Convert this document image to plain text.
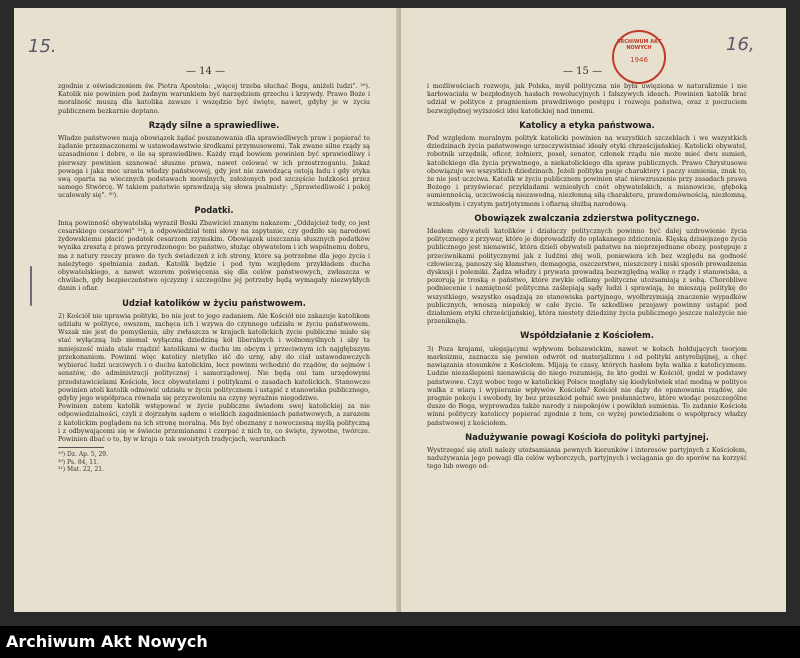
15.
— 14 —

zgodnie z oświadczeniem św. Piotra Apostoła: „więcej trzeba słuchać Boga, aniżeli ludzi". ²⁹). Katolik nie powinien pod żadnym warunkiem być narzędziem grzechu i krzywdy. Prawo Boże i moralność muszą dla katolika zawsze i wszędzie być święte, nawet, gdyby je w życiu publicznem bezkarnie deptano.

Rządy silne a sprawiedliwe.

Władze państwowe mają obowiązek żądać poszanowania dla sprawiedliwych praw i popierać to żądanie przeznaczonemi w ustawodawstwie środkami przymusowemi. Tak zwane silne rządy są uzasadnione i dobre, o ile są sprawiedliwe. Każdy rząd bowiem powinien być sprawiedliwy i pierwszy powinien szanować słuszne prawa, nawet celować w ich przestrzeganiu. Jakaż powaga i jaka moc urasta władzy państwowej, gdy jest nie zawodzącą ostoją ładu i gdy etyka swą oparta na wiecznych podstawach moralnych, założonych pod szczęście ludzkości przez samego Stwórcę. W takiem państwie sprawdzają się słowa psalmisty: „Sprawiedliwość i pokój ucałowały się". ³⁰).

Podatki.

Inną powinność obywatelską wyraził Boski Zbawiciel znanym nakazem: „Oddajcież tedy, co jest cesarskiego cesarzowi" ³¹), a odpowiedział temi słowy na zapytanie, czy godziło się narodowi żydowskiemu płacić podatek cesarzom rzymskim. Obowiązek uiszczania słusznych podatków wynika zresztą z prawa przyrodzonego: bo państwo, służąc obywatelom i ich wspólnemu dobru, ma z natury rzeczy prawo do tych świadczeń z ich strony, które są potrzebne dla jego życia i należytego spełniania zadań. Katolik będzie i pod tym względem przykładem ducha obywatelskiego, a nawet wzorem poświęcenia się dla celów państwowych, zwłaszcza w chwilach, gdy bezpieczeństwo ojczyzny i szczególne jej potrzeby będą wymagały niezwykłych danin i ofiar.

Udział katolików w życiu państwowem.

2) Kościół nie uprawia polityki, bo nie jest to jego zadaniem. Ale Kościół nie zakazuje katolikom udziału w polityce, owszem, zachęca ich i wzywa do czynnego udziału w życiu państwowem. Wszak nie jest do pomyślenia, aby zwłaszcza w krajach katolickich życie publiczne miało się stać wyłączną lub niemal wyłączną dziedziną kół liberalnych i wolnomyślnych i aby ta mniejszość miała stale rządzić katolikami w duchu im obcym i przeciwnym ich najgłębszym przekonaniom. Powinni więc katolicy nietylko iść do urny, aby do ciał ustawodawczych wybierać ludzi uczciwych i o duchu katolickim, lecz powinni wchodzić do rządów, do sejmów i senatów, do administracji politycznej i samorządowej. Nie będą oni tam urzędowymi przedstawicielami Kościoła, lecz obywatelami i politykami o zasadach katolickich. Stanowczo powinien atoli katolik odmówić udziału w życiu politycznem i ustąpić z stanowiska publicznego, gdyby jego współpraca równała się przyzwoleniu na czyny wyraźnie niegodziwe.

Powinien zatem katolik wstępować w życie publiczne świadom swej katolickiej za nie odpowiedzialności, czyli z dojrzałym sądem o wielkich zagadnieniach państwowych, a zarazem z katolickim poglądem na ich stronę moralną. Ma być obeznany z nowoczesną myślą polityczną i z odbywającemi się w świecie przemianami i czerpać z nich to, co święte, żywotne, twórcze. Powinien dbać o to, by w kraju o tak swoistych tradycjach, warunkach

²⁹) Dz. Ap. 5, 29.
³⁰) Ps. 84, 11.
³¹) Mat. 22, 21.
16,
— 15 —

i możliwościach rozwoju, jak Polska, myśl polityczna nie była uwięziona w naturalizmie i nie karłowaciała w bezpłodnych hasłach rewolucyjnych i fałszywych ideach. Powinien katolik brać udział w polityce z pragnieniem prawdziwego postępu i rozwoju państwa, oraz z poczuciem bezwzględnej wyższości idei katolickiej nad innemi.

Katolicy a etyka państwowa.

Pod względem moralnym polityk katolicki powinien na wszystkich szczeblach i we wszystkich dziedzinach życia państwowego urzeczywistniać ideały etyki chrześcijańskiej. Katolicki obywatel, robotnik urzędnik, oficer, żołnierz, poseł, senator, członek rządu nie może mieć dwu sumień, katolickiego dla życia prywatnego, a niekatolickiego dla spraw publicznych. Prawo Chrystusowe obowiązuje we wszystkich dziedzinach. Jeżeli polityka psuje charaktery i paczy sumienia, znak to, że nie jest uczciwa. Katolik w życiu publicznem powinien stać niewzruszenie przy zasadach prawa Bożego i przyświecać przykładami wzniosłych cnót obywatelskich, a mianowicie, głęboką sumiennością, uczciwością niezawodną, niezłomną siłą charakteru, prawdomównością, niezłomną, wzniosłym i czystym patrjotyzmem i ofiarną służbą narodową.

Obowiązek zwalczania zdzierstwa politycznego.

Ideałem obywateli katolików i działaczy politycznych powinno być dalej uzdrowienie życia politycznego z przywar, które je doprowadziły do oplakanego zdziczenia. Klęską dzisiejszego życia publicznego jest nienawiść, która dzieli obywateli państwa na nieprzejednane obozy, postępuje z przeciwnikami politycznymi jak z ludźmi złej woli, poniewiera ich bez względu na godność człowieczą, panoszy się kłamstwo, demagogia, oszczerstwo, nieszczery i niski sposób prowadzenia dyskusji i polemiki. Żądza władzy i prywata prowadzą bezwzględną walkę o rządy i stanowiska, a pozorują je troską o państwo, które zwykle odlamy polityczne utożsamiają z sobą. Chorobliwe podniecenie i namiętność polityczna zaślepiają sądy ludzi i sprawiają, że mieszają politykę do wszystkiego, wszystko osądzają ze stanowiska partyjnego, wyolbrzymiają znaczenie wypadków publicznych, wnoszą niepokój w całe życie. Te szkodliwe przejawy powinny ustąpić pod działaniem etyki chrześcijańskiej, która niestety dziedziny życia publicznego jeszcze należycie nie przeniknęła.

Współdziałanie z Kościołem.

3) Poza krajami, ulegającymi wpływom bolszewickim, nawet w kołach hołdujących teorjom marksizmu, zaznacza się pewien odwrót od materjalizmu i od polityki antyreligijnej, a chęć nawiązania stosunków z Kościołem. Mijają te czasy, których hasłem była walka z katolicyzmem. Ludzie niezaślepieni nienawiścią do niego rozumieją, że kto godzi w Kościół, godzi w podstawy państwowe. Czyż wobec tego w katolickiej Polsce mogłaby się kiedykolwiek stać modną w polityce walka z wiarą i wypieranie wpływów Kościoła? Kościół nie dąży do opanowania rządów, ale pragnie pokoju i swobody, by bez przeszkód pełnić swe posłannictwo, które wiodąc poszczególne dusze do Boga, wyprowadza także narody z niepokojów i powikłań sumienia. To zadanie Kościoła winni polityczy katoliccy popierać zgodnie z tem, co wyżej powiedziałem o współpracy władzy państwowej z kościołem.

Nadużywanie powagi Kościoła do polityki partyjnej.

Wystrzegać się atoli należy utożsamiania pewnych kierunków i interesów partyjnych z Kościołem, nadużywania jego powagi dla celów wyborczych, partyjnych i wciągania go do sporów na korzyść tego lub owego od-

ARCHIWUM AKT NOWYCH
1946
Archiwum Akt Nowych
